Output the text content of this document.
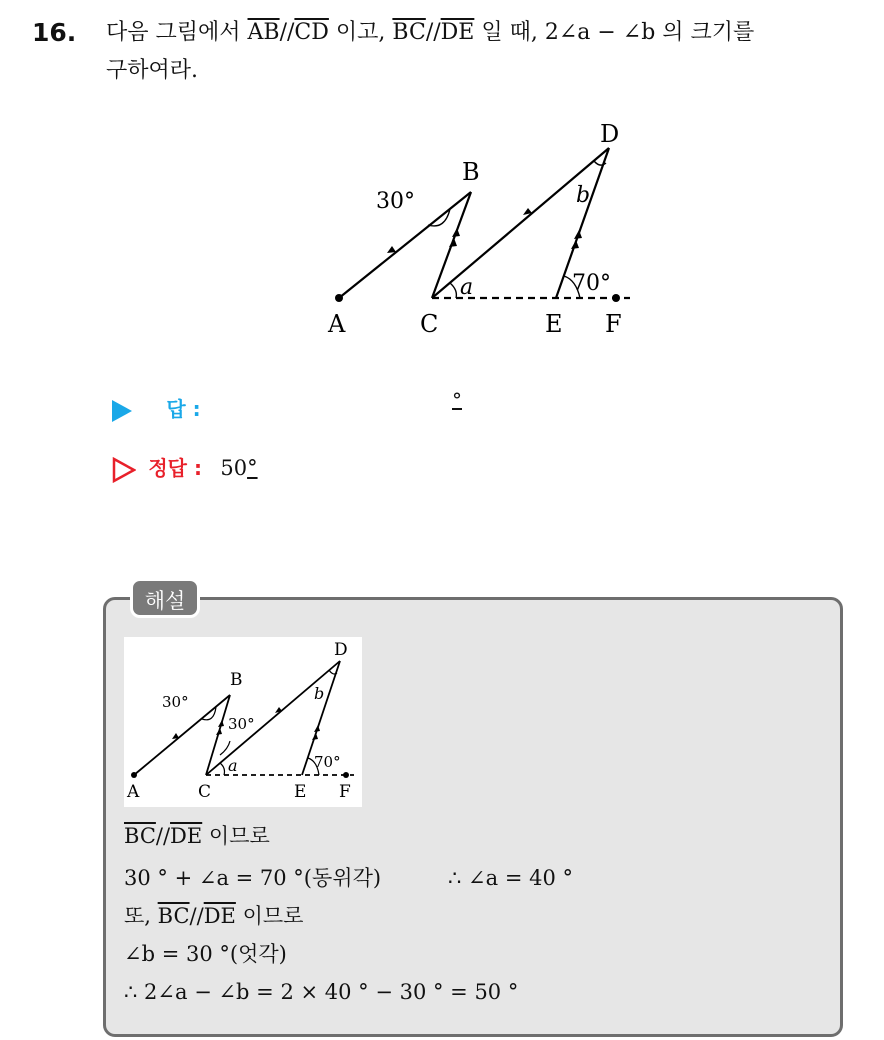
16. 다음 그림에서 $\overline{AB}//\overline{CD}$ 이고, $\overline{BC}//\overline{DE}$ 일 때, 2∠a − ∠b 의 크기를
구하여라.
A
B
C
D
E F
30°
70°
a
b
답 :	°
정답 : 50°
해설
A
B
C
D
E F
30°
30°
70°
a
b
$\overline{BC}//\overline{DE}$ 이므로
30 ° + ∠a = 70 °(동위각)	∴ ∠a = 40 °
또, $\overline{BC}//\overline{DE}$ 이므로
∠b = 30 °(엇각)
∴ 2∠a − ∠b = 2 × 40 ° − 30 ° = 50 °
